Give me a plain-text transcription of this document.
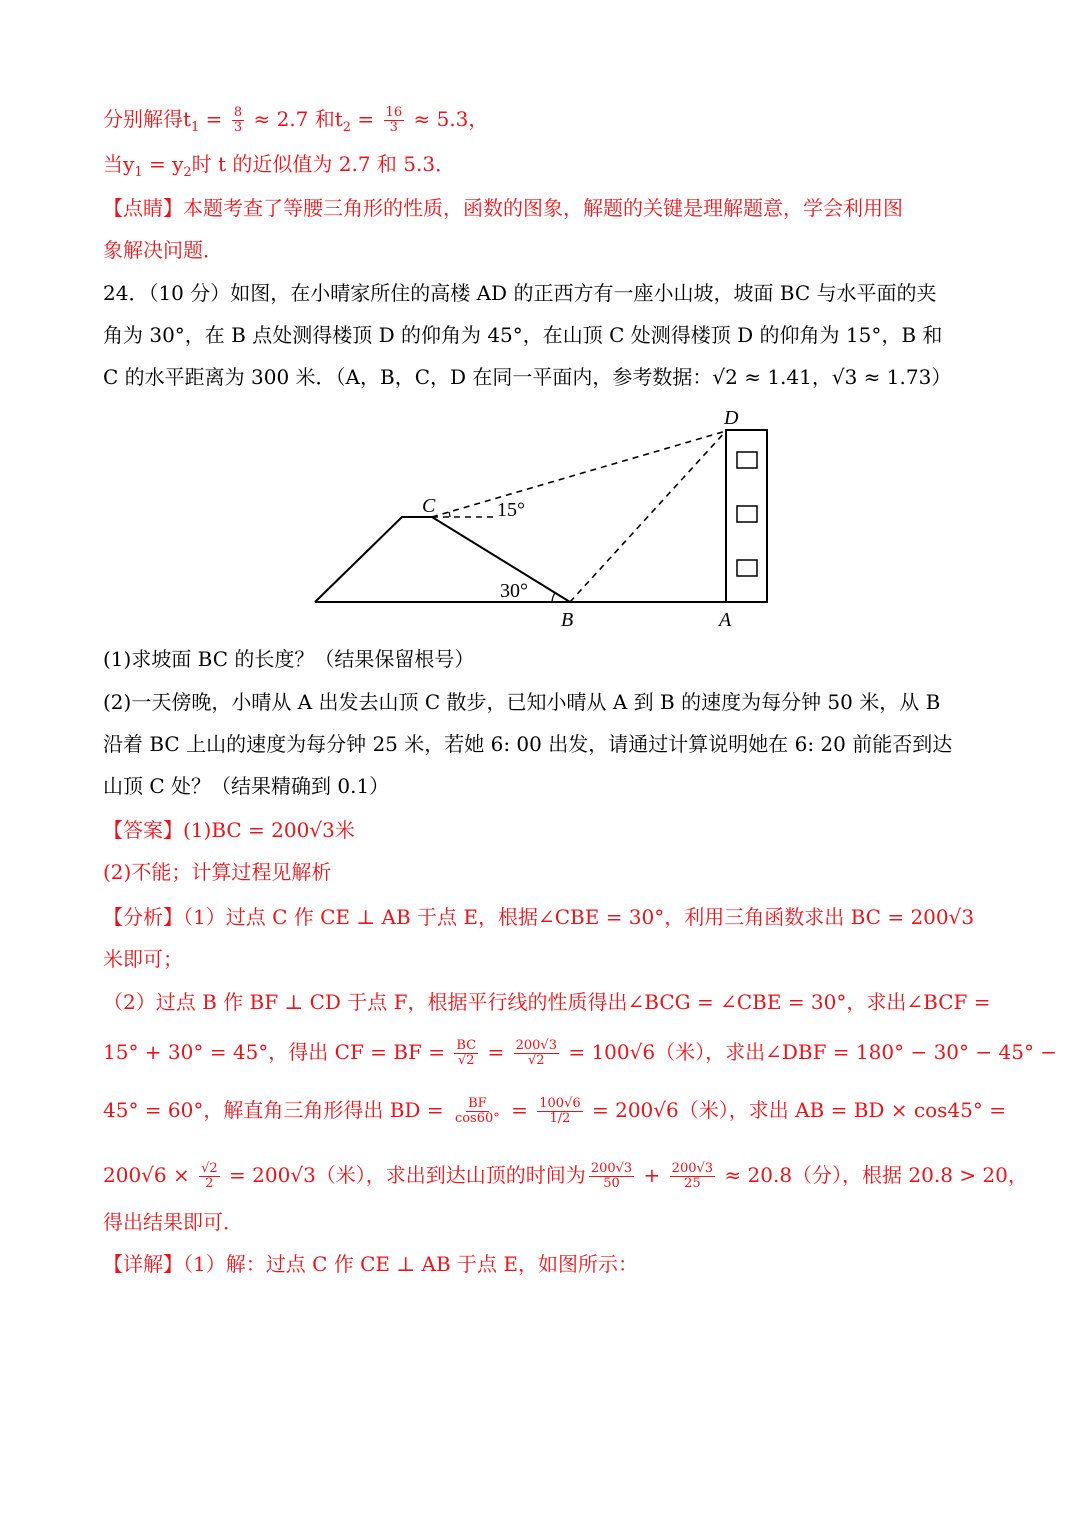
分别解得$t_1 = \frac{8}{3} \approx 2.7$ 和$t_2 = \frac{16}{3} \approx 5.3$，
当$y_1 = y_2$时 t 的近似值为 2.7 和 5.3．
【点睛】本题考查了等腰三角形的性质，函数的图象，解题的关键是理解题意，学会利用图
象解决问题．
24．（10 分）如图，在小晴家所住的高楼 AD 的正西方有一座小山坡，坡面 BC 与水平面的夹
角为 30°，在 B 点处测得楼顶 D 的仰角为 45°，在山顶 C 处测得楼顶 D 的仰角为 15°，B 和
C 的水平距离为 300 米．（A，B，C，D 在同一平面内，参考数据：√2 ≈ 1.41，√3 ≈ 1.73）
D
C
B	A
15°
30°
(1)求坡面 BC 的长度？（结果保留根号）
(2)一天傍晚，小晴从 A 出发去山顶 C 散步，已知小晴从 A 到 B 的速度为每分钟 50 米，从 B
沿着 BC 上山的速度为每分钟 25 米，若她 6: 00 出发，请通过计算说明她在 6: 20 前能否到达
山顶 C 处？（结果精确到 0.1）
【答案】(1)BC = 200√3米
(2)不能；计算过程见解析
【分析】（1）过点 C 作 CE ⊥ AB 于点 E，根据∠CBE = 30°，利用三角函数求出 BC = 200√3
米即可；
（2）过点 B 作 BF ⊥ CD 于点 F，根据平行线的性质得出∠BCG = ∠CBE = 30°，求出∠BCF =
15° + 30° = 45°，得出 CF = BF = $\frac{BC}{√2} = \frac{200√3}{√2} = 100√6$（米），求出∠DBF = 180° − 30° − 45° −
45° = 60°，解直角三角形得出 BD = $\frac{BF}{\cos 60^\circ} = \frac{100√6}{1/2} = 200√6$（米），求出 AB = BD × cos45° =
$200√6 \times \frac{√2}{2} = 200√3$（米），求出到达山顶的时间为 $\frac{200√3}{50} + \frac{200√3}{25} \approx 20.8$（分），根据 20.8 > 20，
得出结果即可．
【详解】（1）解：过点 C 作 CE ⊥ AB 于点 E，如图所示：
